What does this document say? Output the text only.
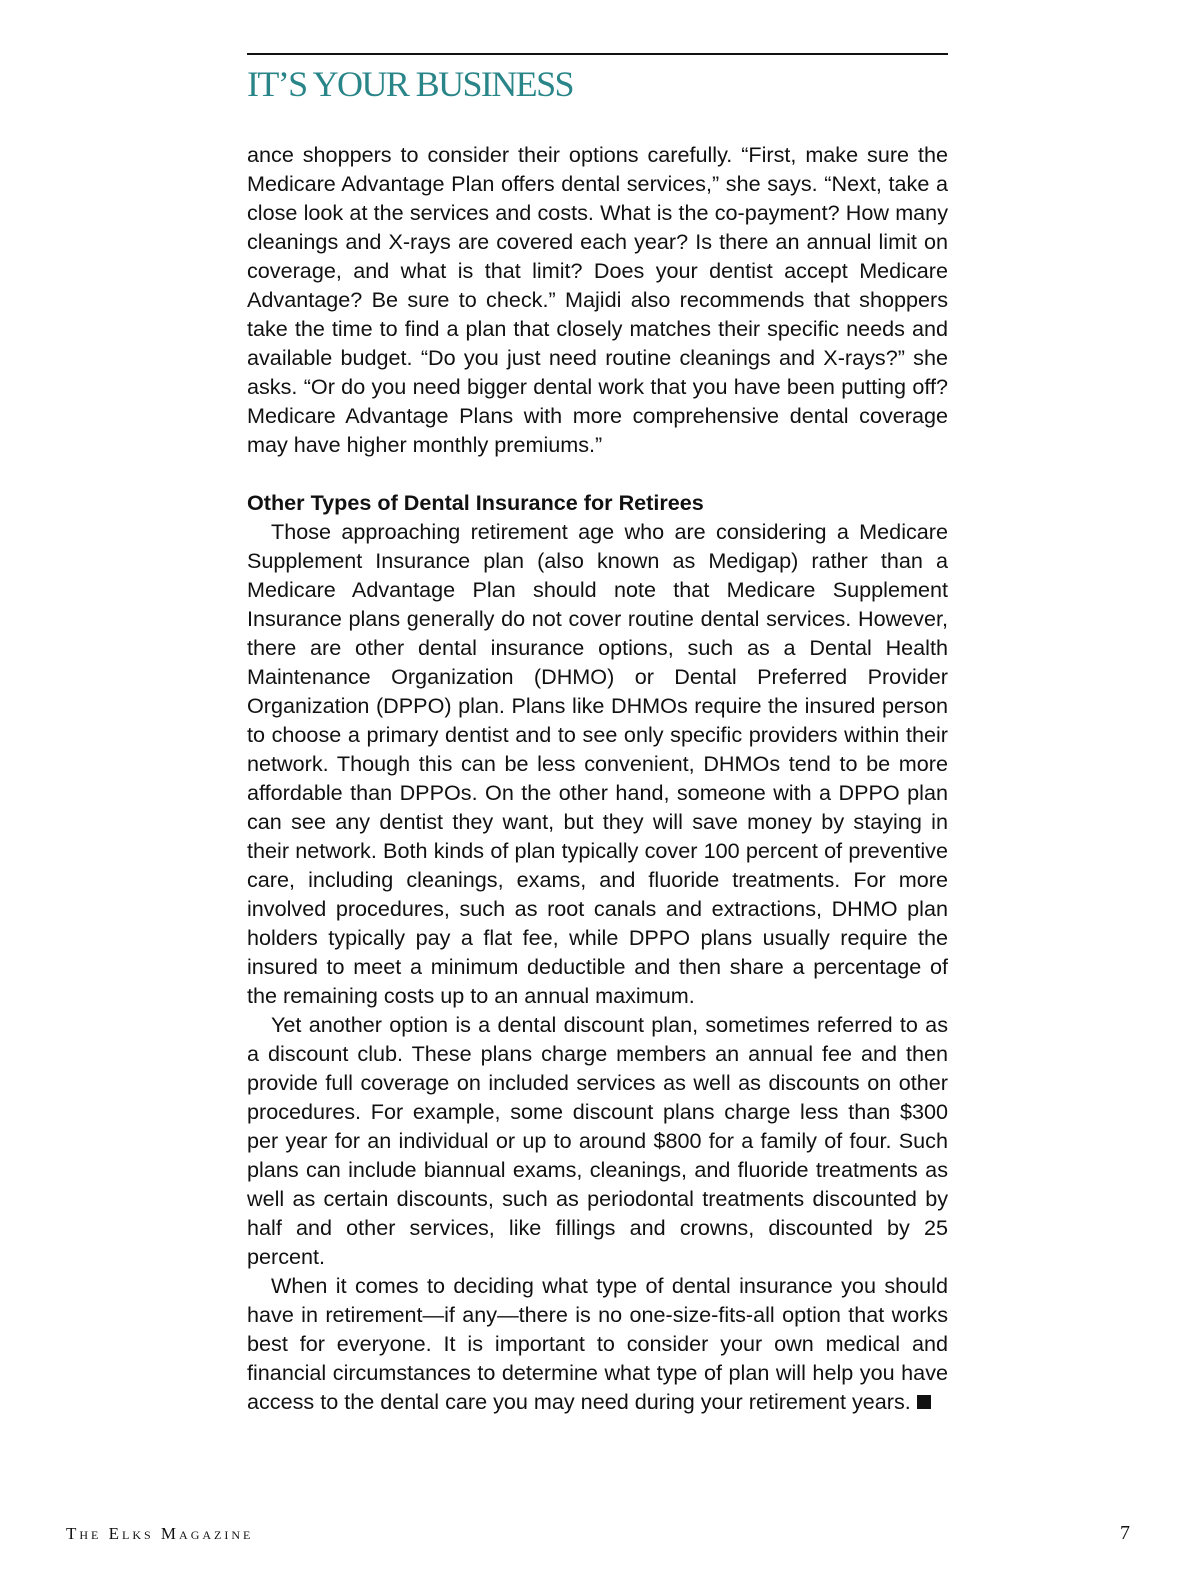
IT’S YOUR BUSINESS

ance shoppers to consider their options carefully. “First, make sure the Medicare Advantage Plan offers dental services,” she says. “Next, take a close look at the services and costs. What is the co-payment? How many cleanings and X-rays are covered each year? Is there an annual limit on coverage, and what is that limit? Does your dentist accept Medicare Advantage? Be sure to check.” Majidi also recommends that shoppers take the time to find a plan that closely matches their specific needs and available budget. “Do you just need routine cleanings and X-rays?” she asks. “Or do you need bigger dental work that you have been putting off? Medicare Advantage Plans with more comprehensive dental coverage may have higher monthly premiums.”

Other Types of Dental Insurance for Retirees

Those approaching retirement age who are considering a Medicare Supplement Insurance plan (also known as Medigap) rather than a Medicare Advantage Plan should note that Medicare Supplement Insurance plans generally do not cover routine dental services. However, there are other dental insurance options, such as a Dental Health Maintenance Organization (DHMO) or Dental Preferred Provider Organization (DPPO) plan. Plans like DHMOs require the insured person to choose a primary dentist and to see only specific providers within their network. Though this can be less convenient, DHMOs tend to be more affordable than DPPOs. On the other hand, someone with a DPPO plan can see any dentist they want, but they will save money by staying in their network. Both kinds of plan typically cover 100 percent of preventive care, including cleanings, exams, and fluoride treatments. For more involved procedures, such as root canals and extractions, DHMO plan holders typically pay a flat fee, while DPPO plans usually require the insured to meet a minimum deductible and then share a percentage of the remaining costs up to an annual maximum.

Yet another option is a dental discount plan, sometimes referred to as a discount club. These plans charge members an annual fee and then provide full coverage on included services as well as discounts on other procedures. For example, some discount plans charge less than $300 per year for an individual or up to around $800 for a family of four. Such plans can include biannual exams, cleanings, and fluoride treatments as well as certain discounts, such as periodontal treatments discounted by half and other services, like fillings and crowns, discounted by 25 percent.

When it comes to deciding what type of dental insurance you should have in retirement—if any—there is no one-size-fits-all option that works best for everyone. It is important to consider your own medical and financial circumstances to determine what type of plan will help you have access to the dental care you may need during your retirement years.

The Elks Magazine	7
